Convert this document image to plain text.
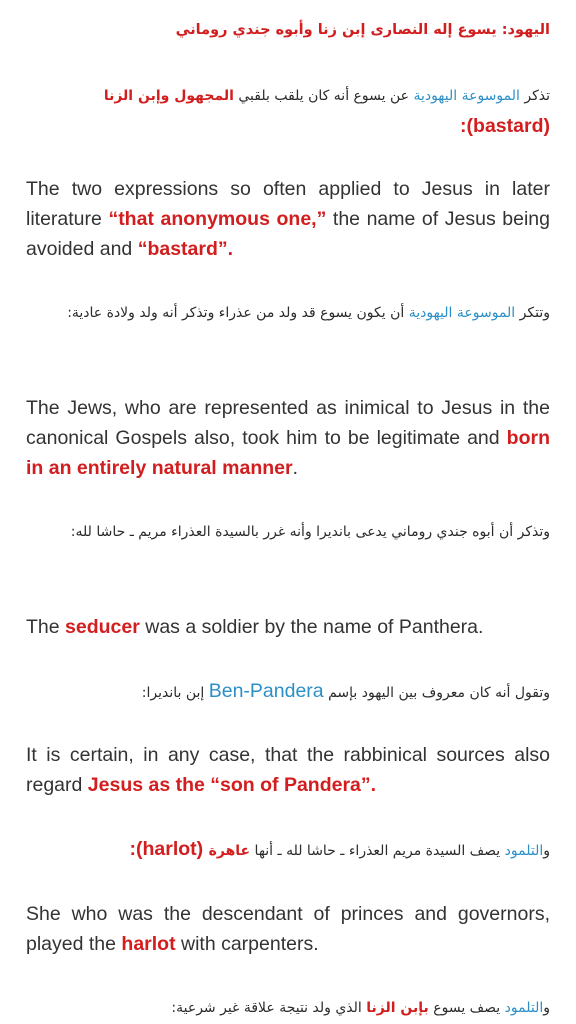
اليهود: يسوع إله النصارى إبن زنا وأبوه جندي روماني
تذكر الموسوعة اليهودية عن يسوع أنه كان يلقب بلقبي المجهول وإبن الزنا (bastard):
The two expressions so often applied to Jesus in later literature “that anonymous one,” the name of Jesus being avoided and “bastard”.
وتتكر الموسوعة اليهودية أن يكون يسوع قد ولد من عذراء وتذكر أنه ولد ولادة عادية:
The Jews, who are represented as inimical to Jesus in the canonical Gospels also, took him to be legitimate and born in an entirely natural manner.
وتذكر أن أبوه جندي روماني يدعى بانديرا وأنه غرر بالسيدة العذراء مريم ـ حاشا لله:
The seducer was a soldier by the name of Panthera.
وتقول أنه كان معروف بين اليهود بإسم Ben-Pandera إبن بانديرا:
It is certain, in any case, that the rabbinical sources also regard Jesus as the “son of Pandera”.
والتلمود يصف السيدة مريم العذراء ـ حاشا لله ـ أنها عاهرة (harlot):
She who was the descendant of princes and governors, played the harlot with carpenters.
والتلمود يصف يسوع بإبن الزنا الذي ولد نتيجة علاقة غير شرعية:
